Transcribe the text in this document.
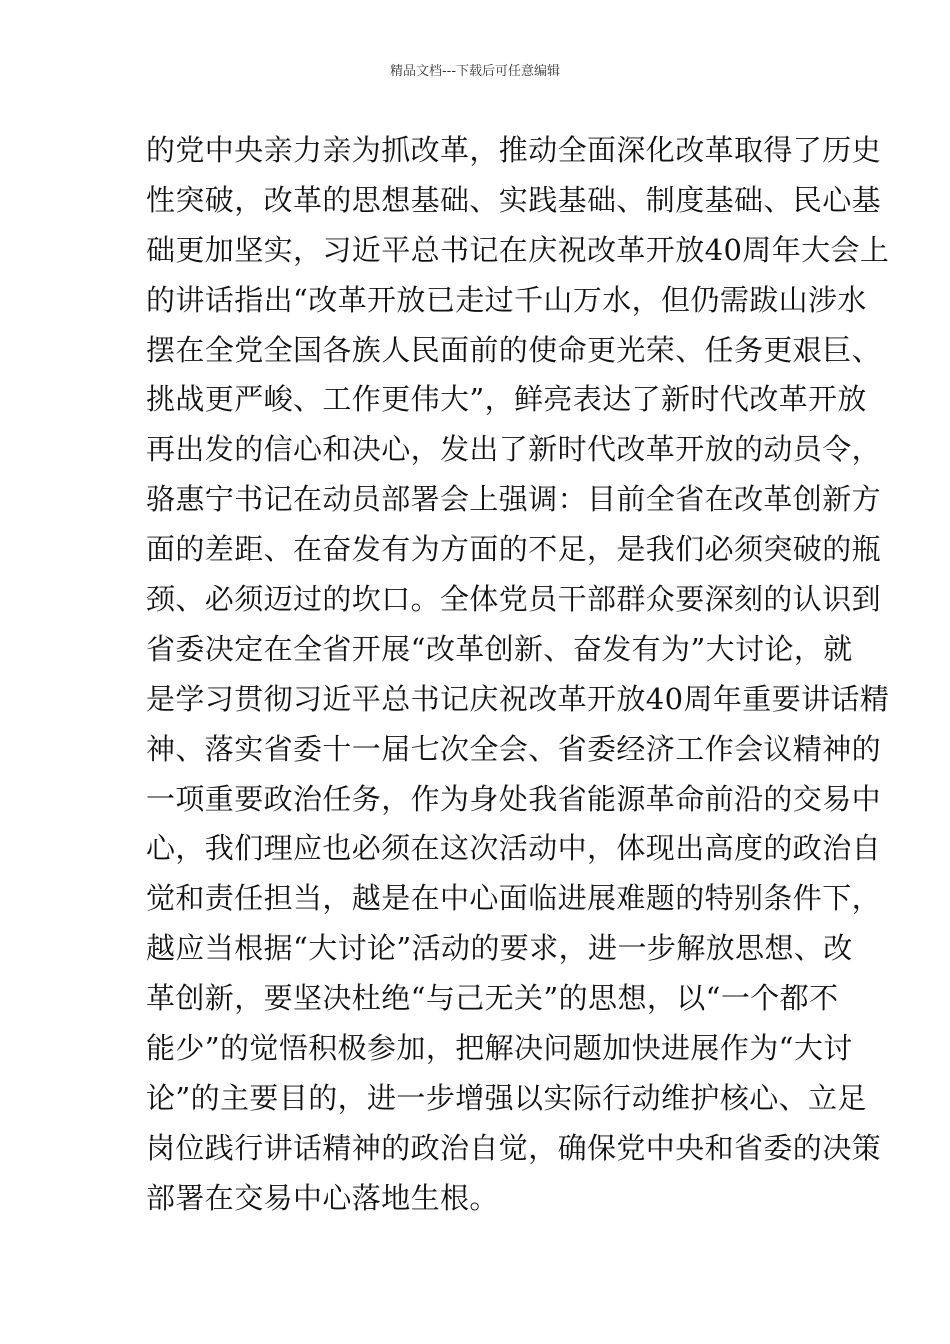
精品文档---下载后可任意编辑
的党中央亲力亲为抓改革，推动全面深化改革取得了历史
性突破，改革的思想基础、实践基础、制度基础、民心基
础更加坚实，习近平总书记在庆祝改革开放40周年大会上
的讲话指出“改革开放已走过千山万水，但仍需跋山涉水
摆在全党全国各族人民面前的使命更光荣、任务更艰巨、
挑战更严峻、工作更伟大”，鲜亮表达了新时代改革开放
再出发的信心和决心，发出了新时代改革开放的动员令，
骆惠宁书记在动员部署会上强调：目前全省在改革创新方
面的差距、在奋发有为方面的不足，是我们必须突破的瓶
颈、必须迈过的坎口。全体党员干部群众要深刻的认识到
省委决定在全省开展“改革创新、奋发有为”大讨论，就
是学习贯彻习近平总书记庆祝改革开放40周年重要讲话精
神、落实省委十一届七次全会、省委经济工作会议精神的
一项重要政治任务，作为身处我省能源革命前沿的交易中
心，我们理应也必须在这次活动中，体现出高度的政治自
觉和责任担当，越是在中心面临进展难题的特别条件下，
越应当根据“大讨论”活动的要求，进一步解放思想、改
革创新，要坚决杜绝“与己无关”的思想，以“一个都不
能少”的觉悟积极参加，把解决问题加快进展作为“大讨
论”的主要目的，进一步增强以实际行动维护核心、立足
岗位践行讲话精神的政治自觉，确保党中央和省委的决策
部署在交易中心落地生根。
